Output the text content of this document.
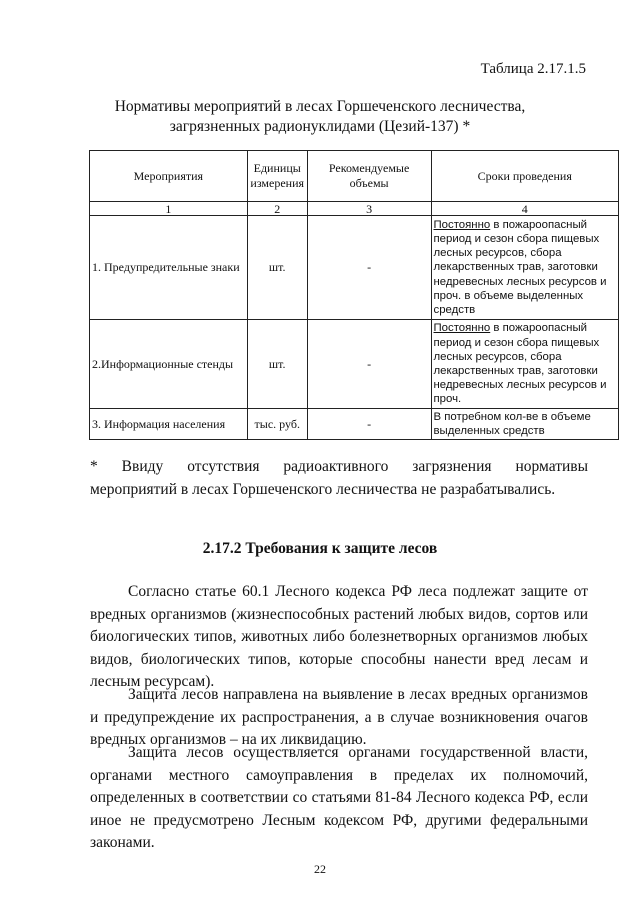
Таблица 2.17.1.5
Нормативы мероприятий в лесах Горшеченского лесничества,
загрязненных радионуклидами (Цезий-137) *
Мероприятия	Единицы измерения	Рекомендуемые объемы	Сроки проведения
1	2	3	4
1. Предупредительные знаки	шт.	-	Постоянно в пожароопасный период и сезон сбора пищевых лесных ресурсов, сбора лекарственных трав, заготовки недревесных лесных ресурсов и проч. в объеме выделенных средств
2.Информационные стенды	шт.	-	Постоянно в пожароопасный период и сезон сбора пищевых лесных ресурсов, сбора лекарственных трав, заготовки недревесных лесных ресурсов и проч.
3. Информация населения	тыс. руб.	-	В потребном кол-ве в объеме выделенных средств
* Ввиду отсутствия радиоактивного загрязнения нормативы
мероприятий в лесах Горшеченского лесничества не разрабатывались.
2.17.2 Требования к защите лесов

Согласно статье 60.1 Лесного кодекса РФ леса подлежат защите от вредных организмов (жизнеспособных растений любых видов, сортов или биологических типов, животных либо болезнетворных организмов любых видов, биологических типов, которые способны нанести вред лесам и лесным ресурсам).

Защита лесов направлена на выявление в лесах вредных организмов и предупреждение их распространения, а в случае возникновения очагов вредных организмов – на их ликвидацию.

Защита лесов осуществляется органами государственной власти, органами местного самоуправления в пределах их полномочий, определенных в соответствии со статьями 81-84 Лесного кодекса РФ, если иное не предусмотрено Лесным кодексом РФ, другими федеральными законами.

22
